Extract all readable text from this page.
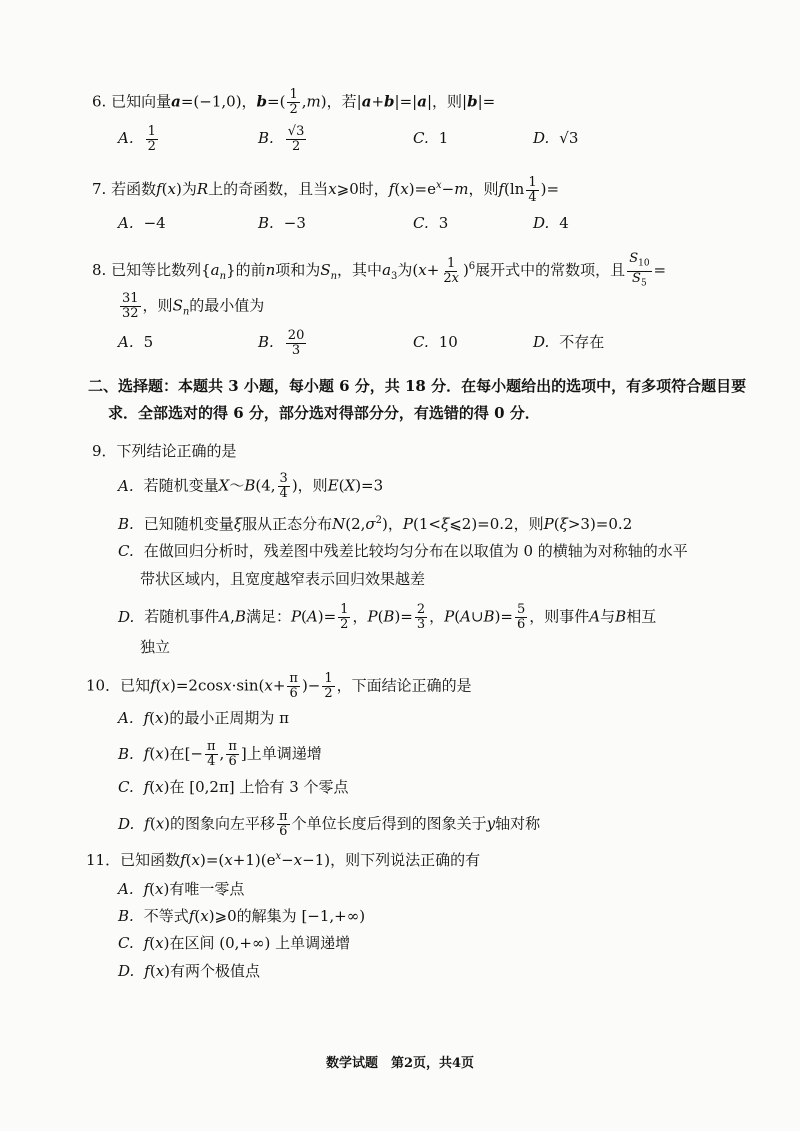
6. 已知向量a=(−1,0)，$b=( \frac{1}{2} ,m)$，若|a+b|=|a|，则|b|=
A. $\frac{1}{2}$	B. $\frac{√3}{2}$	C. 1	D. √3
7. 若函数f(x)为R上的奇函数，且当x⩾0时，$f(x)=e^x-m$，则$f(\ln \frac{1}{4}$ )=
A. −4	B. −3	C. 3	D. 4
8. 已知等比数列$\{a_n\}$的前n项和为$S_n$，其中$a_3$为$(x+ \frac{1}{2x} )^6$展开式中的常数项，且 $\frac{S_{10}}{S_5}$ =
$\frac{31}{32}$ ，则$S_n$的最小值为
A. 5	B. $\frac{20}{3}$	C. 10	D. 不存在
二、选择题：本题共 3 小题，每小题 6 分，共 18 分．在每小题给出的选项中，有多项符合题目要
求．全部选对的得 6 分，部分选对得部分分，有选错的得 0 分．
9．下列结论正确的是
A. 若随机变量X～B(4, $\frac{3}{4}$ )，则E(X)=3
B. 已知随机变量ξ服从正态分布$N(2,\sigma^2)$，P(1<ξ⩽2)=0.2，则P(ξ>3)=0.2
C. 在做回归分析时，残差图中残差比较均匀分布在以取值为 0 的横轴为对称轴的水平
带状区域内，且宽度越窄表示回归效果越差
D. 若随机事件A,B满足：$P(A)= \frac{1}{2}$ ，$P(B)= \frac{2}{3}$ ，P(A∪B)= $\frac{5}{6}$ ，则事件A与B相互
独立
10．已知$f(x)=2\cos x\cdot\sin(x+ \frac{\pi}{6}$ )− $\frac{1}{2}$ ，下面结论正确的是
A. f(x)的最小正周期为 π
B. f(x)在[− $\frac{\pi}{4}$ , $\frac{\pi}{6}$ ]上单调递增
C. f(x)在 [0,2π] 上恰有 3 个零点
D. f(x)的图象向左平移 $\frac{\pi}{6}$ 个单位长度后得到的图象关于y轴对称
11．已知函数$f(x)=(x+1)(e^x-x-1)$，则下列说法正确的有
A. f(x)有唯一零点
B. 不等式f(x)⩾0的解集为 [−1,+∞)
C. f(x)在区间 (0,+∞) 上单调递增
D. f(x)有两个极值点
数学试题　第2页，共4页
